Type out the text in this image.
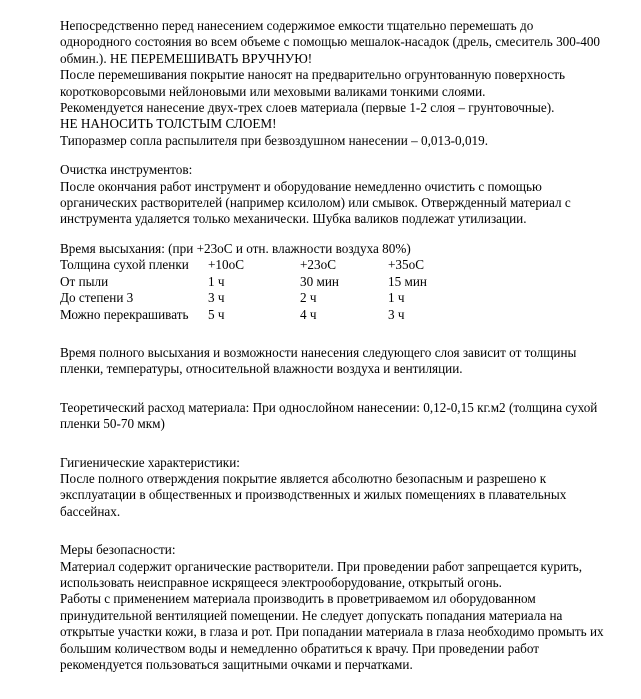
Непосредственно перед нанесением содержимое емкости тщательно перемешать до однородного состояния во всем объеме с помощью мешалок-насадок (дрель, смеситель 300-400 обмин.). НЕ ПЕРЕМЕШИВАТЬ ВРУЧНУЮ!

После перемешивания покрытие наносят на предварительно огрунтованную поверхность коротковорсовыми нейлоновыми или меховыми валиками тонкими слоями.

Рекомендуется нанесение двух-трех слоев материала (первые 1-2 слоя – грунтовочные).

НЕ НАНОСИТЬ ТОЛСТЫМ СЛОЕМ!

Типоразмер сопла распылителя при безвоздушном нанесении – 0,013-0,019.

Очистка инструментов:

После окончания работ инструмент и оборудование немедленно очистить с помощью органических растворителей (например ксилолом) или смывок. Отвержденный материал с инструмента удаляется только механически. Шубка валиков подлежат утилизации.

Время высыхания: (при +23оС и отн. влажности воздуха 80%)

Толщина сухой пленки	+10оС	+23оС	+35оС
От пыли	1 ч	30 мин	15 мин
До степени 3	3 ч	2 ч	1 ч
Можно перекрашивать	5 ч	4 ч	3 ч

Время полного высыхания и возможности нанесения следующего слоя зависит от толщины пленки, температуры, относительной влажности воздуха и вентиляции.

Теоретический расход материала: При однослойном нанесении: 0,12-0,15 кг.м2 (толщина сухой пленки 50-70 мкм)

Гигиенические характеристики:

После полного отверждения покрытие является абсолютно безопасным и разрешено к эксплуатации в общественных и производственных и жилых помещениях в плавательных бассейнах.

Меры безопасности:

Материал содержит органические растворители. При проведении работ запрещается курить, использовать неисправное искрящееся электрооборудование, открытый огонь.

Работы с применением материала производить в проветриваемом ил оборудованном принудительной вентиляцией помещении. Не следует допускать попадания материала на открытые участки кожи, в глаза и рот. При попадании материала в глаза необходимо промыть их большим количеством воды и немедленно обратиться к врачу. При проведении работ рекомендуется пользоваться защитными очками и перчатками.
